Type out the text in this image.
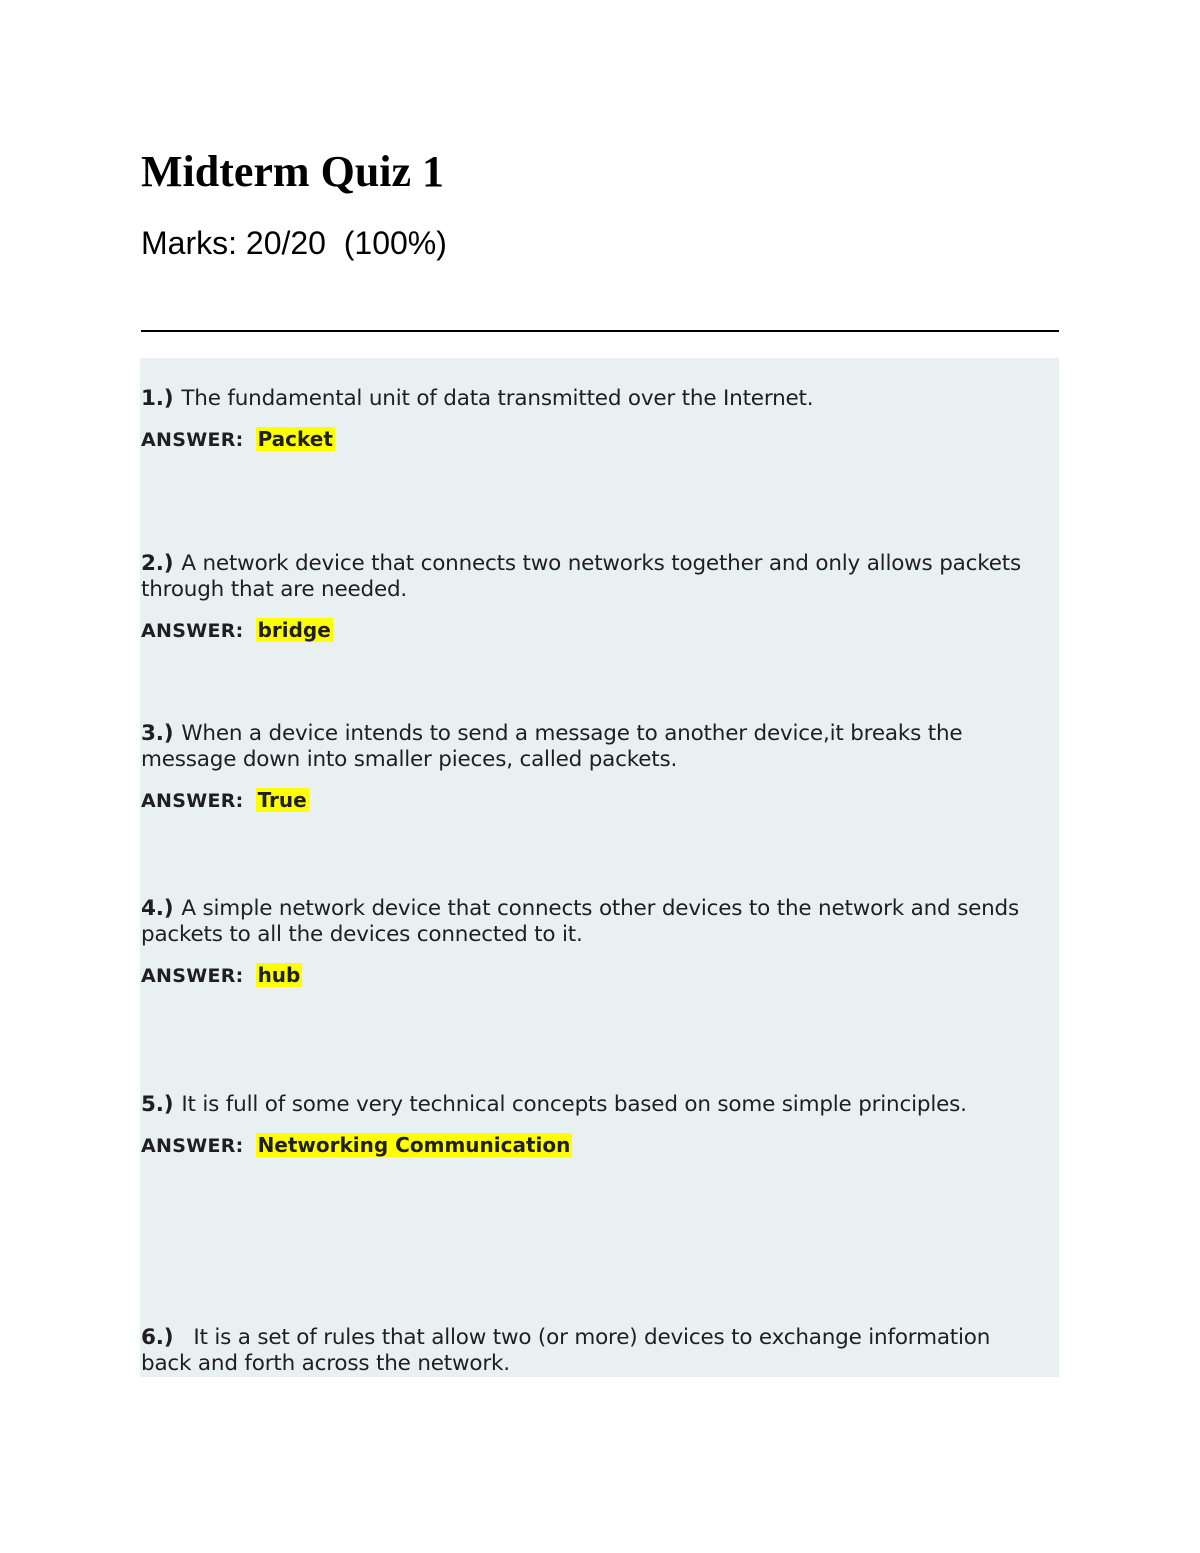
Midterm Quiz 1
Marks: 20/20  (100%)
1.) The fundamental unit of data transmitted over the Internet.
ANSWER: Packet
2.) A network device that connects two networks together and only allows packets through that are needed.
ANSWER: bridge
3.) When a device intends to send a message to another device,it breaks the message down into smaller pieces, called packets.
ANSWER: True
4.) A simple network device that connects other devices to the network and sends packets to all the devices connected to it.
ANSWER: hub
5.) It is full of some very technical concepts based on some simple principles.
ANSWER: Networking Communication
6.) It is a set of rules that allow two (or more) devices to exchange information back and forth across the network.
